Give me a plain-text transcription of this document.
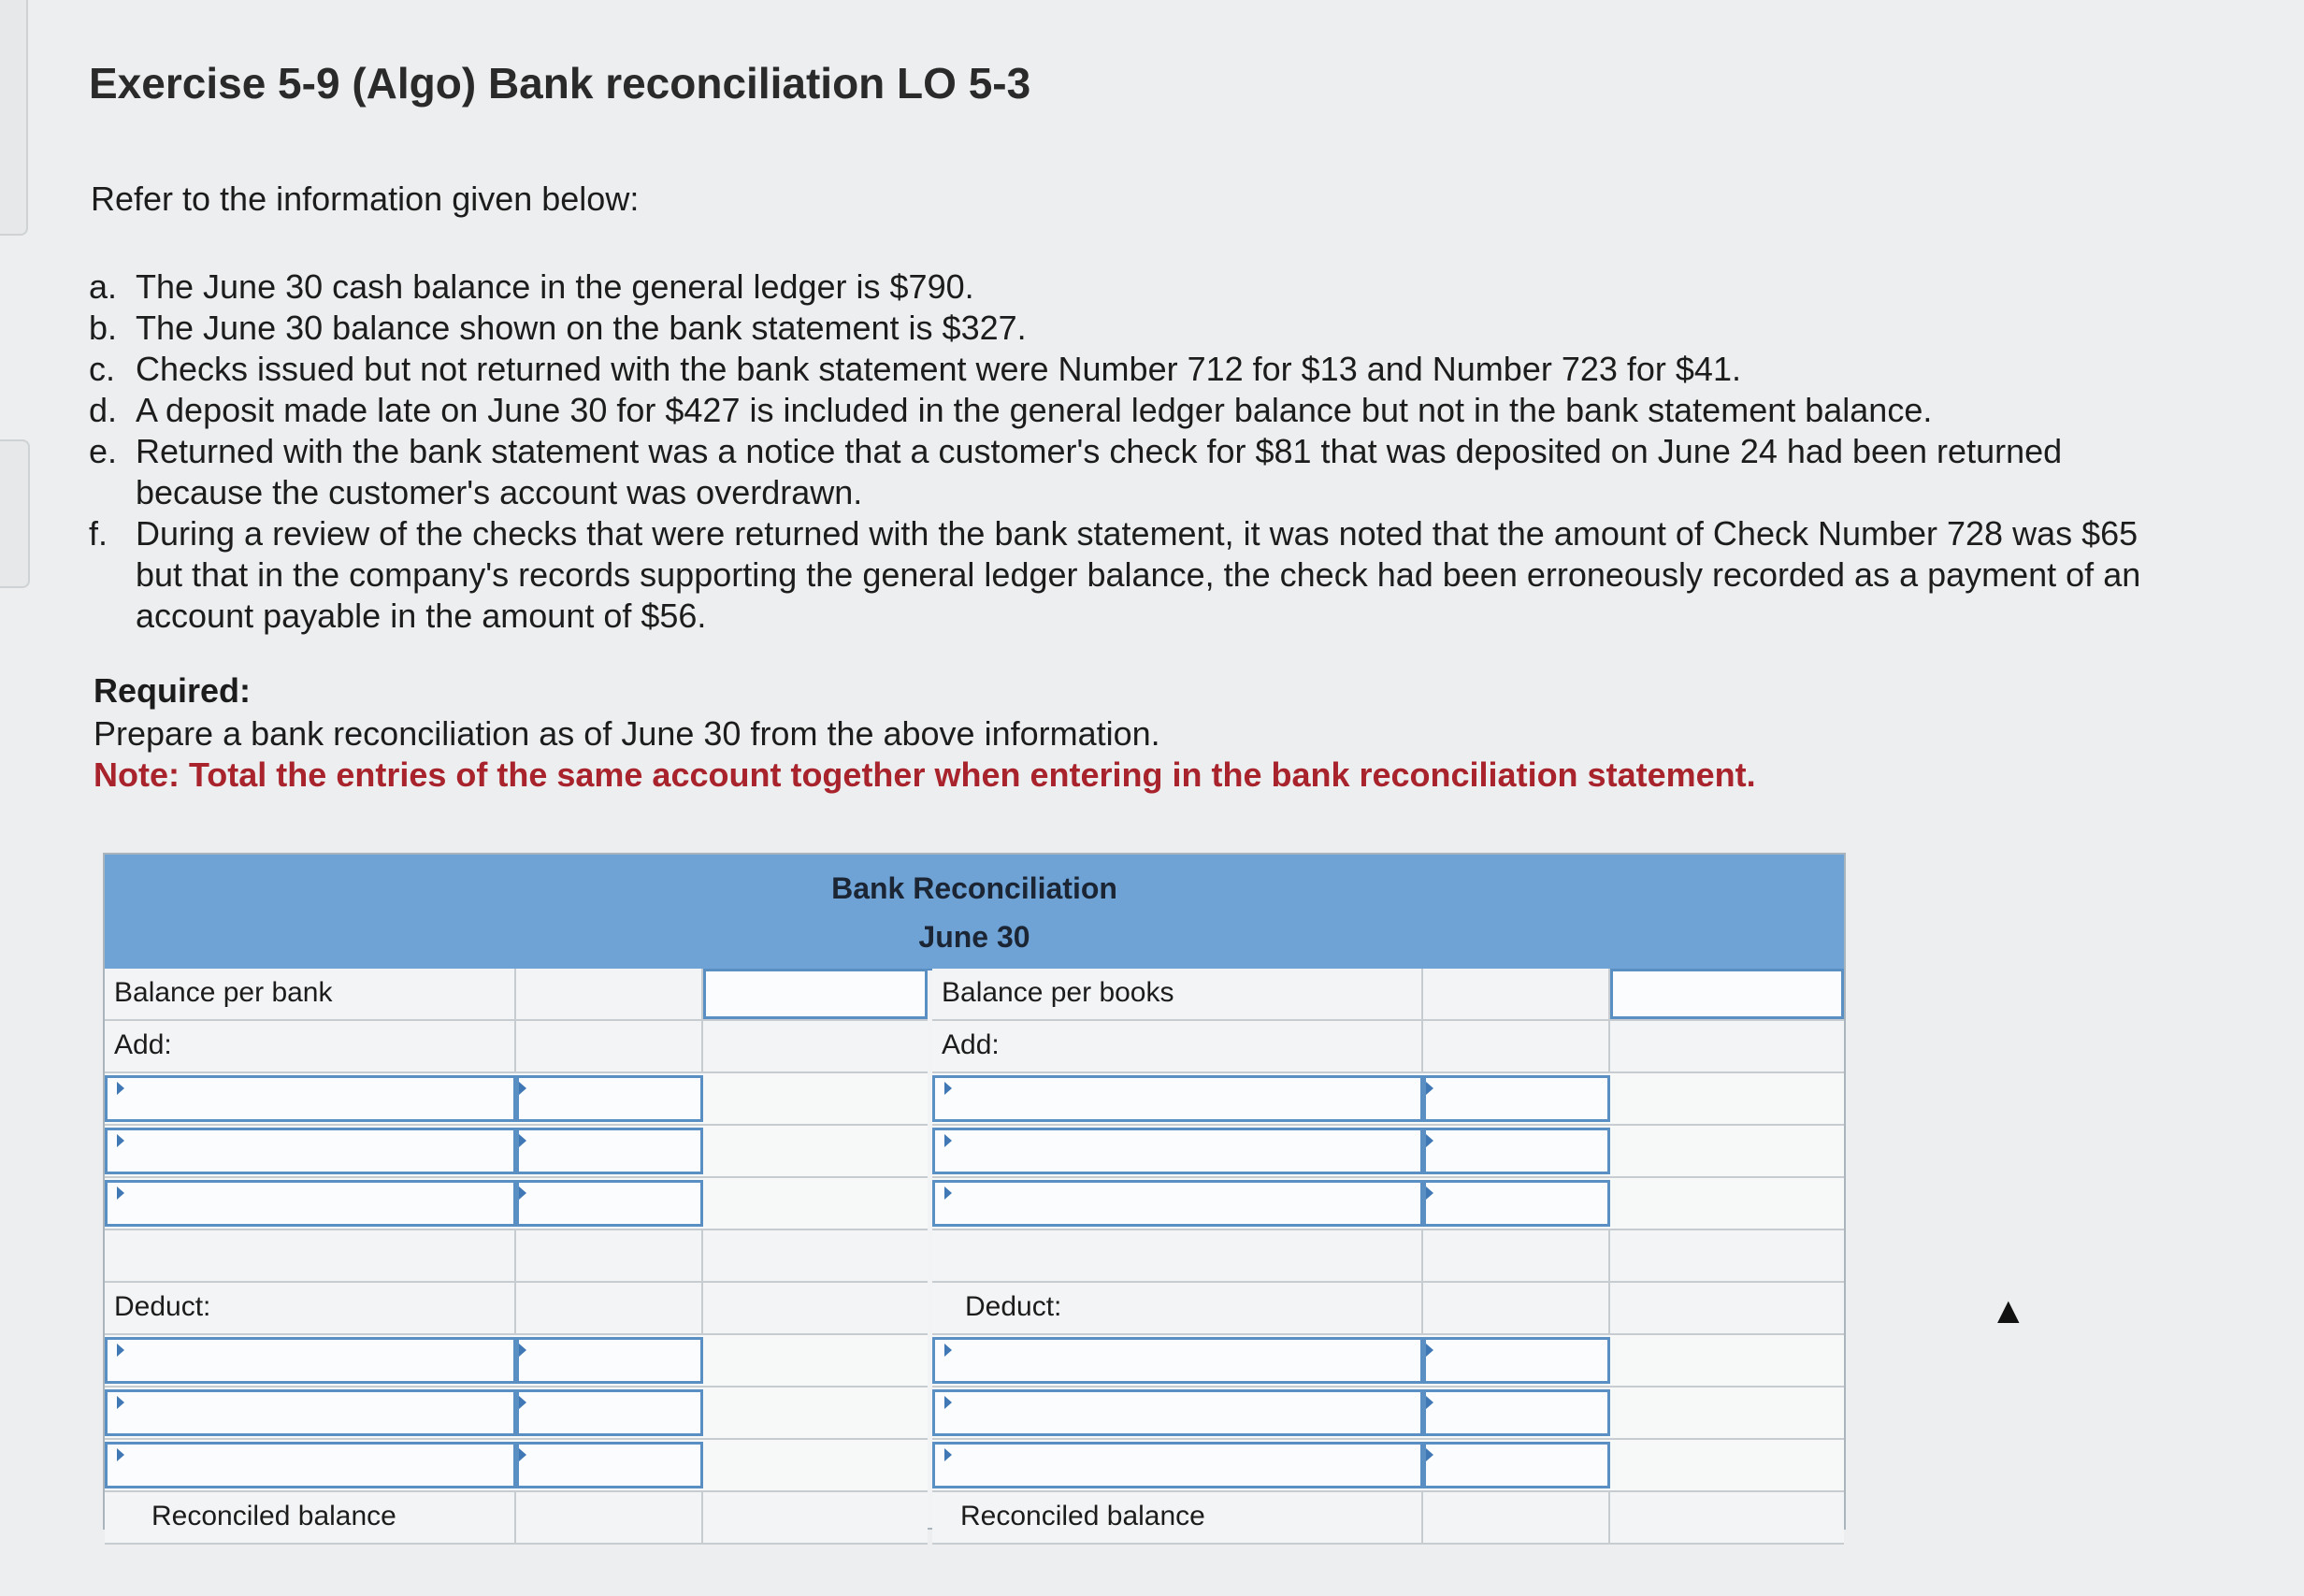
Exercise 5-9 (Algo) Bank reconciliation LO 5-3
Refer to the information given below:
a. The June 30 cash balance in the general ledger is $790.
b. The June 30 balance shown on the bank statement is $327.
c. Checks issued but not returned with the bank statement were Number 712 for $13 and Number 723 for $41.
d. A deposit made late on June 30 for $427 is included in the general ledger balance but not in the bank statement balance.
e. Returned with the bank statement was a notice that a customer's check for $81 that was deposited on June 24 had been returned because the customer's account was overdrawn.
f. During a review of the checks that were returned with the bank statement, it was noted that the amount of Check Number 728 was $65 but that in the company's records supporting the general ledger balance, the check had been erroneously recorded as a payment of an account payable in the amount of $56.
Required:
Prepare a bank reconciliation as of June 30 from the above information.
Note: Total the entries of the same account together when entering in the bank reconciliation statement.
Bank Reconciliation
June 30
Balance per bank
Add:
Deduct:
Reconciled balance
Balance per books
Add:
Deduct:
Reconciled balance
▲
